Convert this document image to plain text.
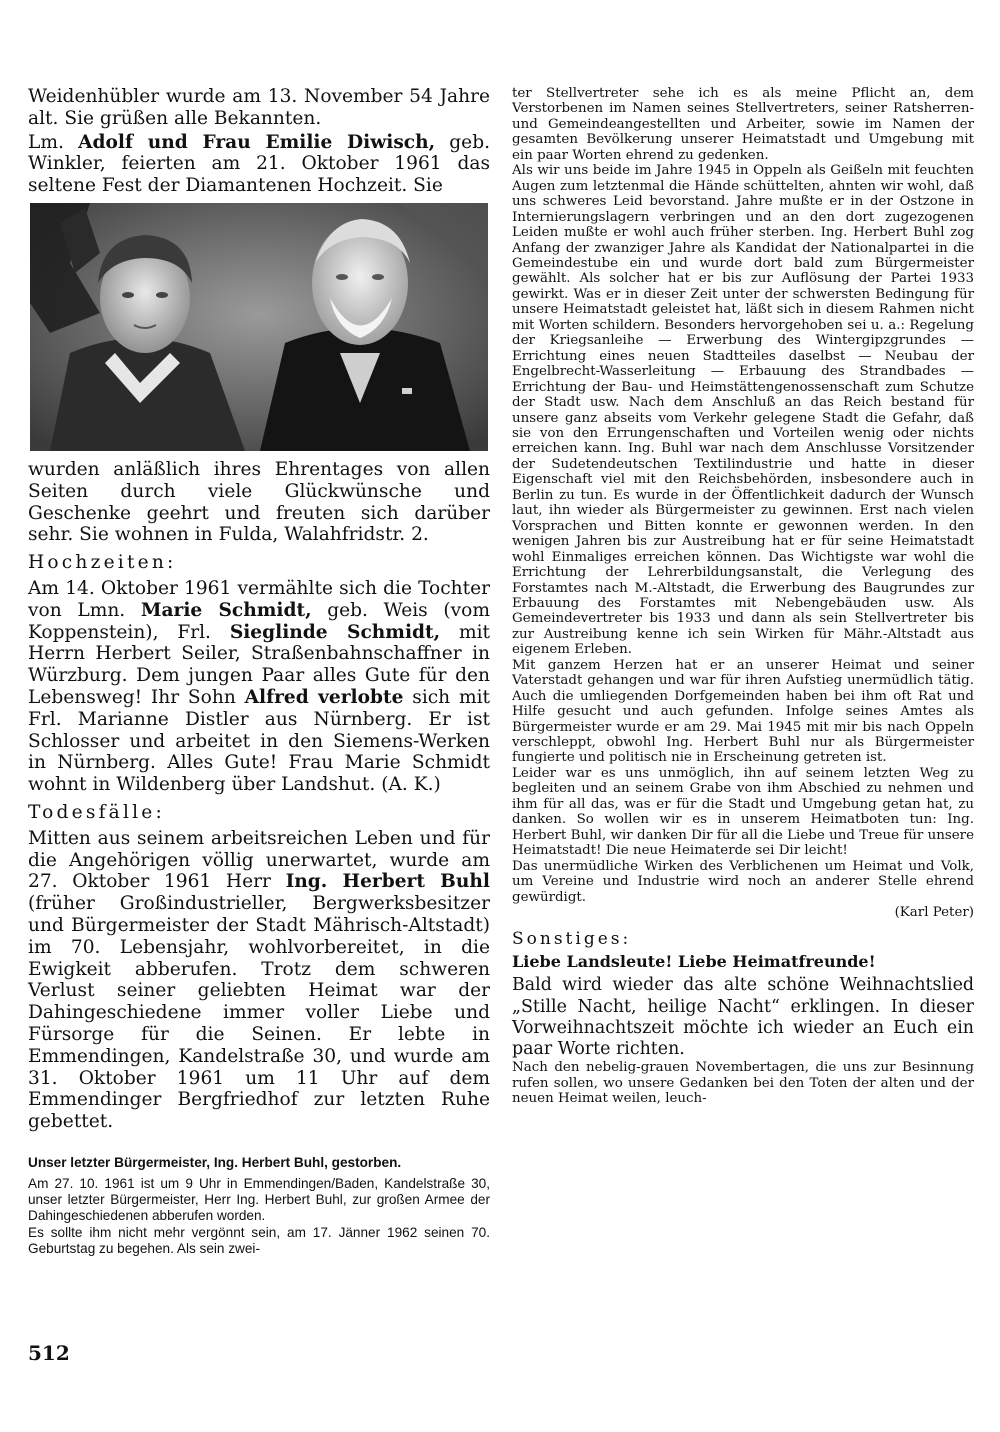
Weidenhübler wurde am 13. November 54 Jahre alt. Sie grüßen alle Bekannten.

Lm. Adolf und Frau Emilie Diwisch, geb. Winkler, feierten am 21. Oktober 1961 das seltene Fest der Diamantenen Hochzeit. Sie

wurden anläßlich ihres Ehrentages von allen Seiten durch viele Glückwünsche und Geschenke geehrt und freuten sich darüber sehr. Sie wohnen in Fulda, Walahfridstr. 2.

Hochzeiten:

Am 14. Oktober 1961 vermählte sich die Tochter von Lmn. Marie Schmidt, geb. Weis (vom Koppenstein), Frl. Sieglinde Schmidt, mit Herrn Herbert Seiler, Straßenbahnschaffner in Würzburg. Dem jungen Paar alles Gute für den Lebensweg! Ihr Sohn Alfred verlobte sich mit Frl. Marianne Distler aus Nürnberg. Er ist Schlosser und arbeitet in den Siemens-Werken in Nürnberg. Alles Gute! Frau Marie Schmidt wohnt in Wildenberg über Landshut. (A. K.)

Todesfälle:

Mitten aus seinem arbeitsreichen Leben und für die Angehörigen völlig unerwartet, wurde am 27. Oktober 1961 Herr Ing. Herbert Buhl (früher Großindustrieller, Bergwerksbesitzer und Bürgermeister der Stadt Mährisch-Altstadt) im 70. Lebensjahr, wohlvorbereitet, in die Ewigkeit abberufen. Trotz dem schweren Verlust seiner geliebten Heimat war der Dahingeschiedene immer voller Liebe und Fürsorge für die Seinen. Er lebte in Emmendingen, Kandelstraße 30, und wurde am 31. Oktober 1961 um 11 Uhr auf dem Emmendinger Bergfriedhof zur letzten Ruhe gebettet.

Unser letzter Bürgermeister, Ing. Herbert Buhl, gestorben.

Am 27. 10. 1961 ist um 9 Uhr in Emmendingen/Baden, Kandelstraße 30, unser letzter Bürgermeister, Herr Ing. Herbert Buhl, zur großen Armee der Dahingeschiedenen abberufen worden.

Es sollte ihm nicht mehr vergönnt sein, am 17. Jänner 1962 seinen 70. Geburtstag zu begehen. Als sein zwei-

512

ter Stellvertreter sehe ich es als meine Pflicht an, dem Verstorbenen im Namen seines Stellvertreters, seiner Ratsherren- und Gemeindeangestellten und Arbeiter, sowie im Namen der gesamten Bevölkerung unserer Heimatstadt und Umgebung mit ein paar Worten ehrend zu gedenken.

Als wir uns beide im Jahre 1945 in Oppeln als Geißeln mit feuchten Augen zum letztenmal die Hände schüttelten, ahnten wir wohl, daß uns schweres Leid bevorstand. Jahre mußte er in der Ostzone in Internierungslagern verbringen und an den dort zugezogenen Leiden mußte er wohl auch früher sterben. Ing. Herbert Buhl zog Anfang der zwanziger Jahre als Kandidat der Nationalpartei in die Gemeindestube ein und wurde dort bald zum Bürgermeister gewählt. Als solcher hat er bis zur Auflösung der Partei 1933 gewirkt. Was er in dieser Zeit unter der schwersten Bedingung für unsere Heimatstadt geleistet hat, läßt sich in diesem Rahmen nicht mit Worten schildern. Besonders hervorgehoben sei u. a.: Regelung der Kriegsanleihe — Erwerbung des Wintergipzgrundes — Errichtung eines neuen Stadtteiles daselbst — Neubau der Engelbrecht-Wasserleitung — Erbauung des Strandbades — Errichtung der Bau- und Heimstättengenossenschaft zum Schutze der Stadt usw. Nach dem Anschluß an das Reich bestand für unsere ganz abseits vom Verkehr gelegene Stadt die Gefahr, daß sie von den Errungenschaften und Vorteilen wenig oder nichts erreichen kann. Ing. Buhl war nach dem Anschlusse Vorsitzender der Sudetendeutschen Textilindustrie und hatte in dieser Eigenschaft viel mit den Reichsbehörden, insbesondere auch in Berlin zu tun. Es wurde in der Öffentlichkeit dadurch der Wunsch laut, ihn wieder als Bürgermeister zu gewinnen. Erst nach vielen Vorsprachen und Bitten konnte er gewonnen werden. In den wenigen Jahren bis zur Austreibung hat er für seine Heimatstadt wohl Einmaliges erreichen können. Das Wichtigste war wohl die Errichtung der Lehrerbildungsanstalt, die Verlegung des Forstamtes nach M.-Altstadt, die Erwerbung des Baugrundes zur Erbauung des Forstamtes mit Nebengebäuden usw. Als Gemeindevertreter bis 1933 und dann als sein Stellvertreter bis zur Austreibung kenne ich sein Wirken für Mähr.-Altstadt aus eigenem Erleben.

Mit ganzem Herzen hat er an unserer Heimat und seiner Vaterstadt gehangen und war für ihren Aufstieg unermüdlich tätig. Auch die umliegenden Dorfgemeinden haben bei ihm oft Rat und Hilfe gesucht und auch gefunden. Infolge seines Amtes als Bürgermeister wurde er am 29. Mai 1945 mit mir bis nach Oppeln verschleppt, obwohl Ing. Herbert Buhl nur als Bürgermeister fungierte und politisch nie in Erscheinung getreten ist.

Leider war es uns unmöglich, ihn auf seinem letzten Weg zu begleiten und an seinem Grabe von ihm Abschied zu nehmen und ihm für all das, was er für die Stadt und Umgebung getan hat, zu danken. So wollen wir es in unserem Heimatboten tun: Ing. Herbert Buhl, wir danken Dir für all die Liebe und Treue für unsere Heimatstadt! Die neue Heimaterde sei Dir leicht!

Das unermüdliche Wirken des Verblichenen um Heimat und Volk, um Vereine und Industrie wird noch an anderer Stelle ehrend gewürdigt.
(Karl Peter)

Sonstiges:

Liebe Landsleute! Liebe Heimatfreunde!

Bald wird wieder das alte schöne Weihnachtslied „Stille Nacht, heilige Nacht“ erklingen. In dieser Vorweihnachtszeit möchte ich wieder an Euch ein paar Worte richten.

Nach den nebelig-grauen Novembertagen, die uns zur Besinnung rufen sollen, wo unsere Gedanken bei den Toten der alten und der neuen Heimat weilen, leuch-
